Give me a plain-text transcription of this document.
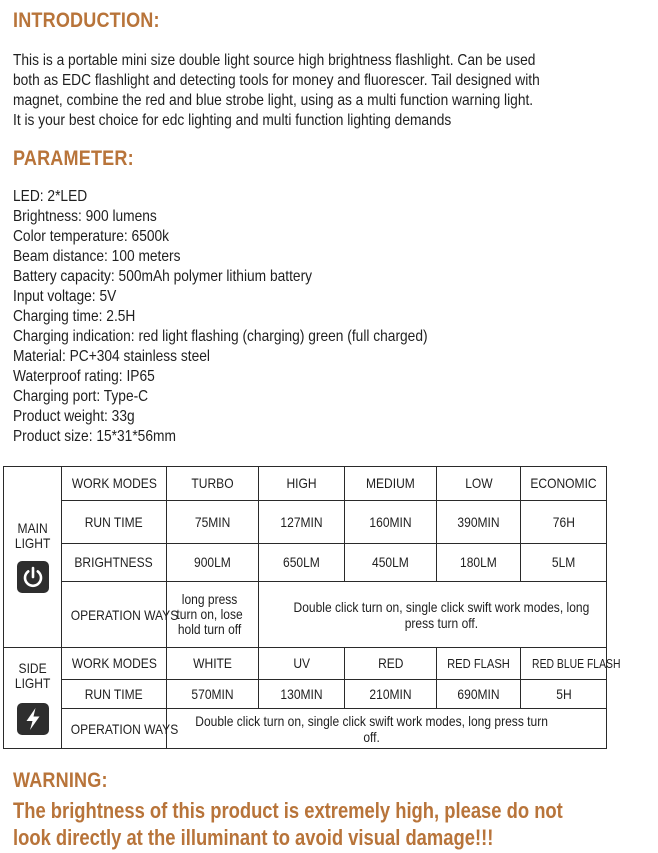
INTRODUCTION:

This is a portable mini size double light source high brightness flashlight. Can be used
both as EDC flashlight and detecting tools for money and fluorescer. Tail designed with
magnet, combine the red and blue strobe light, using as a multi function warning light.
It is your best choice for edc lighting and multi function lighting demands

PARAMETER:
LED: 2*LED
Brightness: 900 lumens
Color temperature: 6500k
Beam distance: 100 meters
Battery capacity: 500mAh polymer lithium battery
Input voltage: 5V
Charging time: 2.5H
Charging indication: red light flashing (charging) green (full charged)
Material: PC+304 stainless steel
Waterproof rating: IP65
Charging port: Type-C
Product weight: 33g
Product size: 15*31*56mm
MAIN
LIGHT	WORK MODES	TURBO	HIGH	MEDIUM	LOW	ECONOMIC
	RUN TIME	75MIN	127MIN	160MIN	390MIN	76H
	BRIGHTNESS	900LM	650LM	450LM	180LM	5LM
	OPERATION WAYS	long press turn on, lose hold turn off	Double click turn on, single click swift work modes, long press turn off.			

SIDE
LIGHT	WORK MODES	WHITE	UV	RED	RED FLASH	RED BLUE FLASH
	RUN TIME	570MIN	130MIN	210MIN	690MIN	5H
	OPERATION WAYS	Double click turn on, single click swift work modes, long press turn off.				
WARNING:

The brightness of this product is extremely high, please do not
look directly at the illuminant to avoid visual damage!!!
